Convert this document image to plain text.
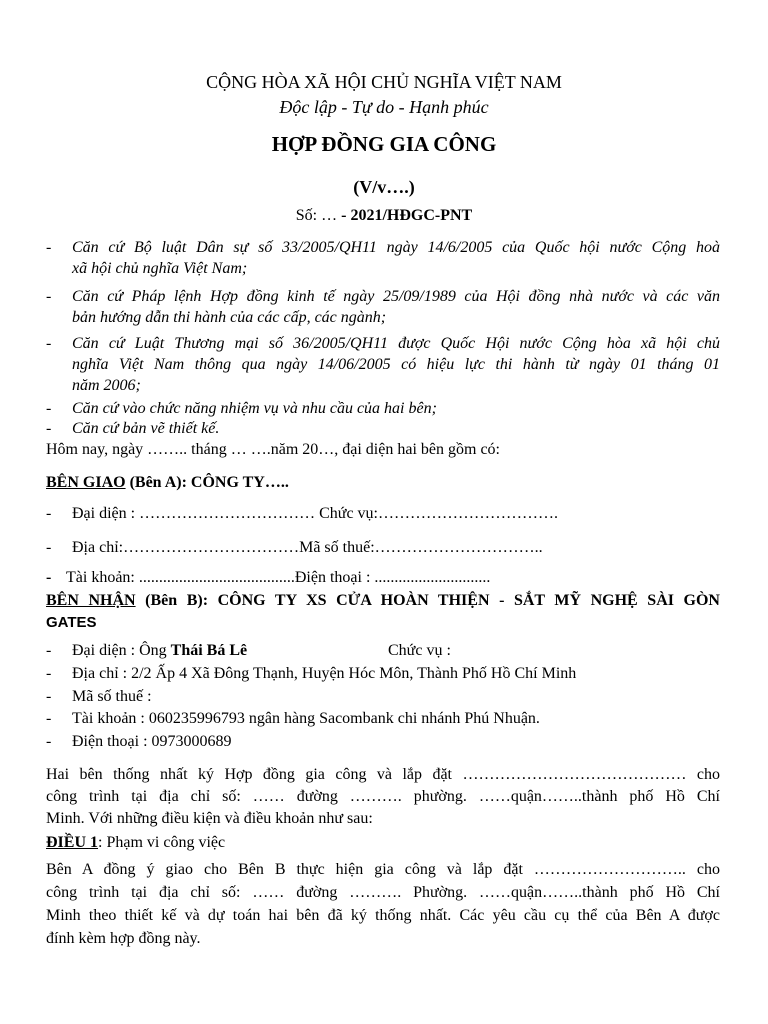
CỘNG HÒA XÃ HỘI CHỦ NGHĨA VIỆT NAM
Độc lập - Tự do - Hạnh phúc
HỢP ĐỒNG GIA CÔNG
(V/v….)
Số: … - 2021/HĐGC-PNT
-	Căn cứ Bộ luật Dân sự số 33/2005/QH11 ngày 14/6/2005 của Quốc hội nước Cộng hoà
xã hội chủ nghĩa Việt Nam;
-	Căn cứ Pháp lệnh Hợp đồng kinh tế ngày 25/09/1989 của Hội đồng nhà nước và các văn
bản hướng dẫn thi hành của các cấp, các ngành;
-	Căn cứ Luật Thương mại số 36/2005/QH11 được Quốc Hội nước Cộng hòa xã hội chủ
nghĩa Việt Nam thông qua ngày 14/06/2005 có hiệu lực thi hành từ ngày 01 tháng 01
năm 2006;
-	Căn cứ vào chức năng nhiệm vụ và nhu cầu của hai bên;
-	Căn cứ bản vẽ thiết kế.
Hôm nay, ngày …….. tháng … ….năm 20…, đại diện hai bên gồm có:
BÊN GIAO (Bên A): CÔNG TY…..
-	Đại diện : …………………………… Chức vụ:…………………………….
-	Địa chỉ:……………………………Mã số thuế:…………………………..
- Tài khoản: .......................................Điện thoại : .............................
BÊN NHẬN (Bên B): CÔNG TY XS CỬA HOÀN THIỆN - SẮT MỸ NGHỆ SÀI GÒN
GATES
-	Đại diện : Ông Thái Bá Lê	Chức vụ :
-	Địa chỉ : 2/2 Ấp 4 Xã Đông Thạnh, Huyện Hóc Môn, Thành Phố Hồ Chí Minh
-	Mã số thuế :
-	Tài khoản : 060235996793 ngân hàng Sacombank chi nhánh Phú Nhuận.
-	Điện thoại : 0973000689
Hai bên thống nhất ký Hợp đồng gia công và lắp đặt …………………………………… cho
công trình tại địa chỉ số: …… đường ………. phường. ……quận……..thành phố Hồ Chí
Minh. Với những điều kiện và điều khoản như sau:
ĐIỀU 1: Phạm vi công việc
Bên A đồng ý giao cho Bên B thực hiện gia công và lắp đặt ……………………….. cho
công trình tại địa chỉ số: …… đường ………. Phường. ……quận……..thành phố Hồ Chí
Minh theo thiết kế và dự toán hai bên đã ký thống nhất. Các yêu cầu cụ thể của Bên A được
đính kèm hợp đồng này.
